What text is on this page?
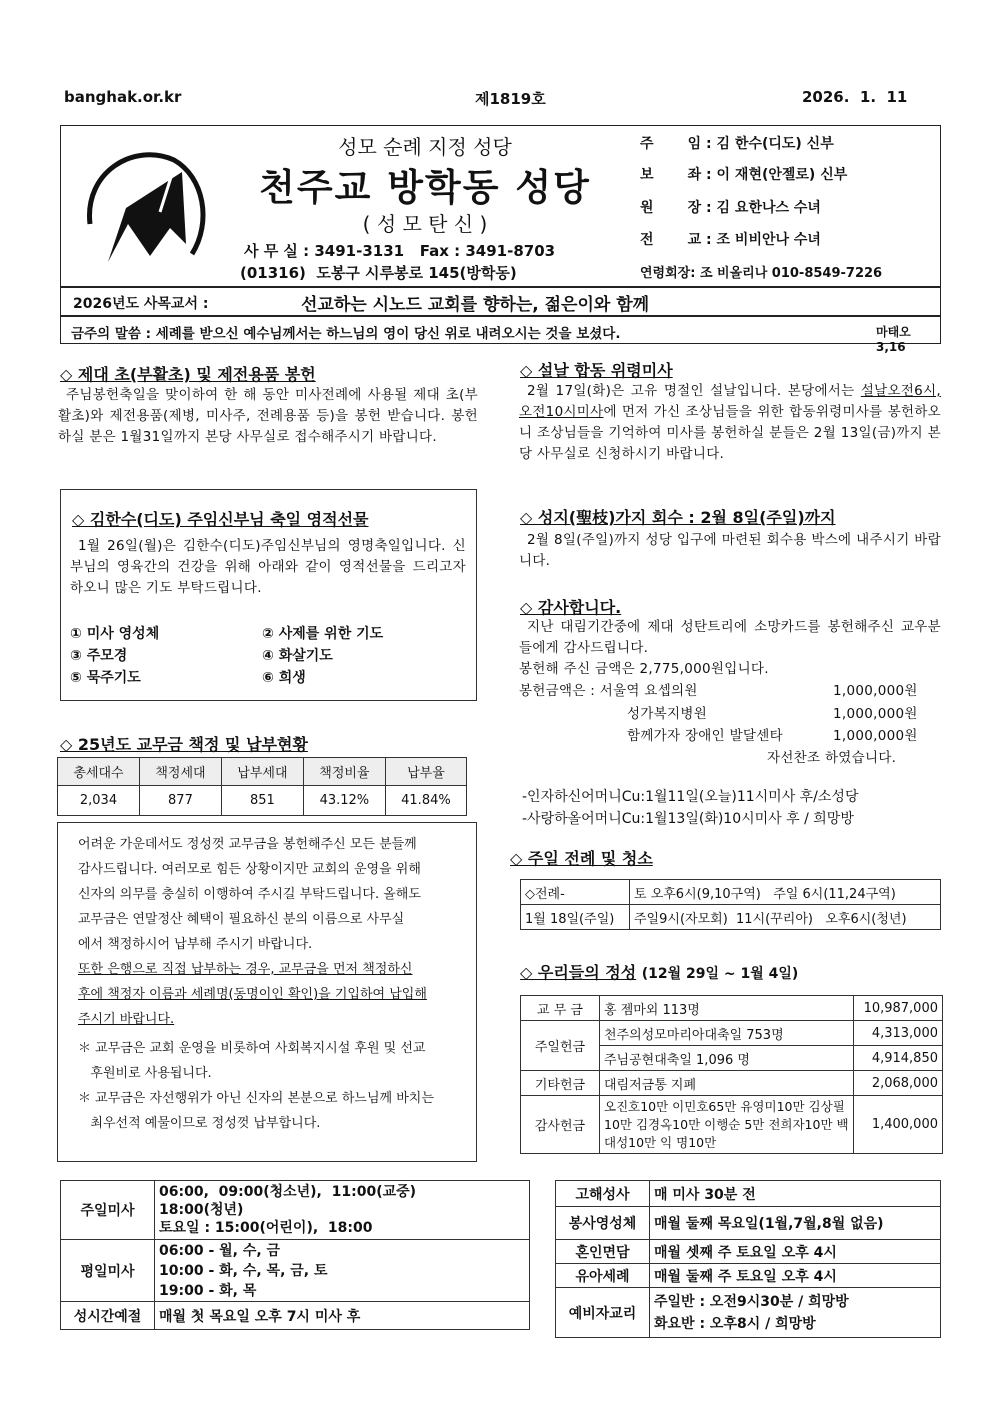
banghak.or.kr	제1819호	2026.  1.  11
성모 순례 지정 성당
천주교 방학동 성당
( 성 모 탄 신 )
사 무 실 : 3491-3131   Fax : 3491-8703
(01316)  도봉구 시루봉로 145(방학동)
주       임 : 김 한수(디도) 신부
보       좌 : 이 재현(안젤로) 신부
원       장 : 김 요한나스 수녀
전       교 : 조 비비안나 수녀
연령회장: 조 비올리나 010-8549-7226
2026년도 사목교서 :	선교하는 시노드 교회를 향하는, 젊은이와 함께
금주의 말씀 : 세례를 받으신 예수님께서는 하느님의 영이 당신 위로 내려오시는 것을 보셨다.	마태오3,16
◇ 제대 초(부활초) 및 제전용품 봉헌
주님봉헌축일을 맞이하여 한 해 동안 미사전례에 사용될 제대 초(부활초)와 제전용품(제병, 미사주, 전례용품 등)을 봉헌 받습니다. 봉헌하실 분은 1월31일까지 본당 사무실로 접수해주시기 바랍니다.
◇ 김한수(디도) 주임신부님 축일 영적선물
1월 26일(월)은 김한수(디도)주임신부님의 영명축일입니다. 신부님의 영육간의 건강을 위해 아래와 같이 영적선물을 드리고자 하오니 많은 기도 부탁드립니다.
① 미사 영성체	② 사제를 위한 기도
③ 주모경	④ 화살기도
⑤ 묵주기도	⑥ 희생
◇ 25년도 교무금 책정 및 납부현황
총세대수	책정세대	납부세대	책정비율	납부율
2,034	877	851	43.12%	41.84%
어려운 가운데서도 정성껏 교무금을 봉헌해주신 모든 분들께
감사드립니다. 여러모로 힘든 상황이지만 교회의 운영을 위해
신자의 의무를 충실히 이행하여 주시길 부탁드립니다. 올해도
교무금은 연말정산 혜택이 필요하신 분의 이름으로 사무실
에서 책정하시어 납부해 주시기 바랍니다.
또한 은행으로 직접 납부하는 경우, 교무금을 먼저 책정하신
후에 책정자 이름과 세례명(동명이인 확인)을 기입하여 납입해
주시기 바랍니다.
＊ 교무금은 교회 운영을 비롯하여 사회복지시설 후원 및 선교
후원비로 사용됩니다.
＊ 교무금은 자선행위가 아닌 신자의 본분으로 하느님께 바치는
최우선적 예물이므로 정성껏 납부합니다.
◇ 설날 합동 위령미사
2월 17일(화)은 고유 명절인 설날입니다. 본당에서는 설날오전6시, 오전10시미사에 먼저 가신 조상님들을 위한 합동위령미사를 봉헌하오니 조상님들을 기억하여 미사를 봉헌하실 분들은 2월 13일(금)까지 본당 사무실로 신청하시기 바랍니다.
◇ 성지(聖枝)가지 회수 : 2월 8일(주일)까지
2월 8일(주일)까지 성당 입구에 마련된 회수용 박스에 내주시기 바랍니다.
◇ 감사합니다.
지난 대림기간중에 제대 성탄트리에 소망카드를 봉헌해주신 교우분들에게 감사드립니다.
봉헌해 주신 금액은 2,775,000원입니다.
봉헌금액은 : 서울역 요셉의원	1,000,000원
성가복지병원	1,000,000원
함께가자 장애인 발달센타	1,000,000원
자선찬조 하였습니다.
-인자하신어머니Cu:1월11일(오늘)11시미사 후/소성당
-사랑하올어머니Cu:1월13일(화)10시미사 후 / 희망방
◇ 주일 전례 및 청소
◇전례-	토 오후6시(9,10구역)   주일 6시(11,24구역)
1월 18일(주일)	주일9시(자모회)  11시(꾸리아)   오후6시(청년)
◇ 우리들의 정성 (12월 29일 ~ 1월 4일)
교 무 금	홍 젬마외 113명	10,987,000
주일헌금	천주의성모마리아대축일 753명	4,313,000
	주님공현대축일 1,096 명	4,914,850
기타헌금	대림저금통 지폐	2,068,000
감사헌금	오진호10만 이민호65만 유영미10만 김상필10만 김경옥10만 이행순 5만 전희자10만 백대성10만 익 명10만	1,400,000
주일미사	06:00,  09:00(청소년),  11:00(교중)
18:00(청년)
토요일 : 15:00(어린이),  18:00

평일미사	06:00 - 월, 수, 금
10:00 - 화, 수, 목, 금, 토
19:00 - 화, 목

성시간예절	매월 첫 목요일 오후 7시 미사 후
고해성사	매 미사 30분 전
봉사영성체	매월 둘째 목요일(1월,7월,8월 없음)
혼인면담	매월 셋째 주 토요일 오후 4시
유아세례	매월 둘째 주 토요일 오후 4시
예비자교리	주일반 : 오전9시30분 / 희망방
화요반 : 오후8시 / 희망방
